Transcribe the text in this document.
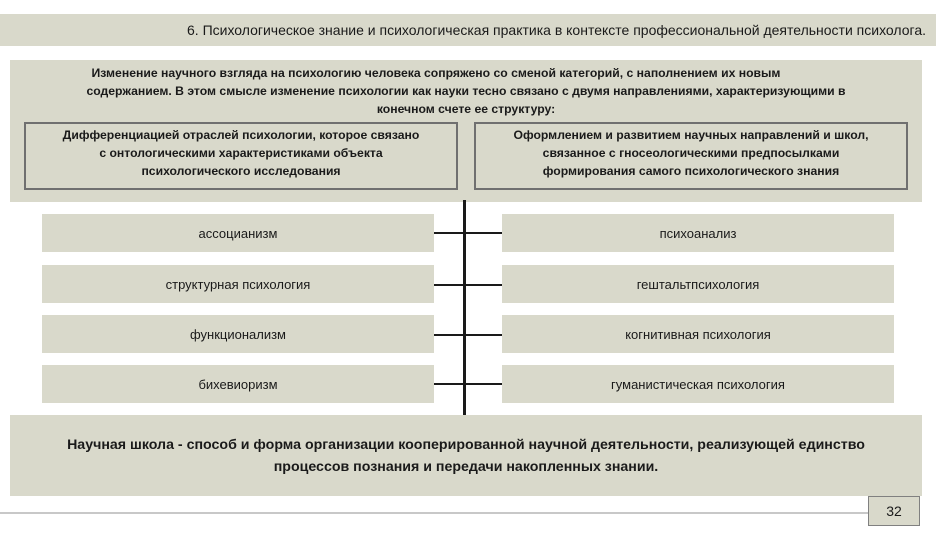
6. Психологическое знание и психологическая практика в контексте профессиональной деятельности психолога.
Изменение научного взгляда на психологию человека сопряжено со сменой категорий, с наполнением их новым
содержанием. В этом смысле изменение психологии как науки тесно связано с двумя направлениями, характеризующими в
конечном счете ее структуру:
Дифференциацией отраслей психологии, которое связано
с онтологическими характеристиками объекта
психологического исследования
Оформлением и развитием научных направлений и школ,
связанное с гносеологическими предпосылками
формирования самого психологического знания
ассоцианизм
структурная психология
функционализм
бихевиоризм
психоанализ
гештальтпсихология
когнитивная психология
гуманистическая психология
Научная школа - способ и форма организации кооперированной научной деятельности, реализующей единство
процессов познания и передачи накопленных знании.
32
